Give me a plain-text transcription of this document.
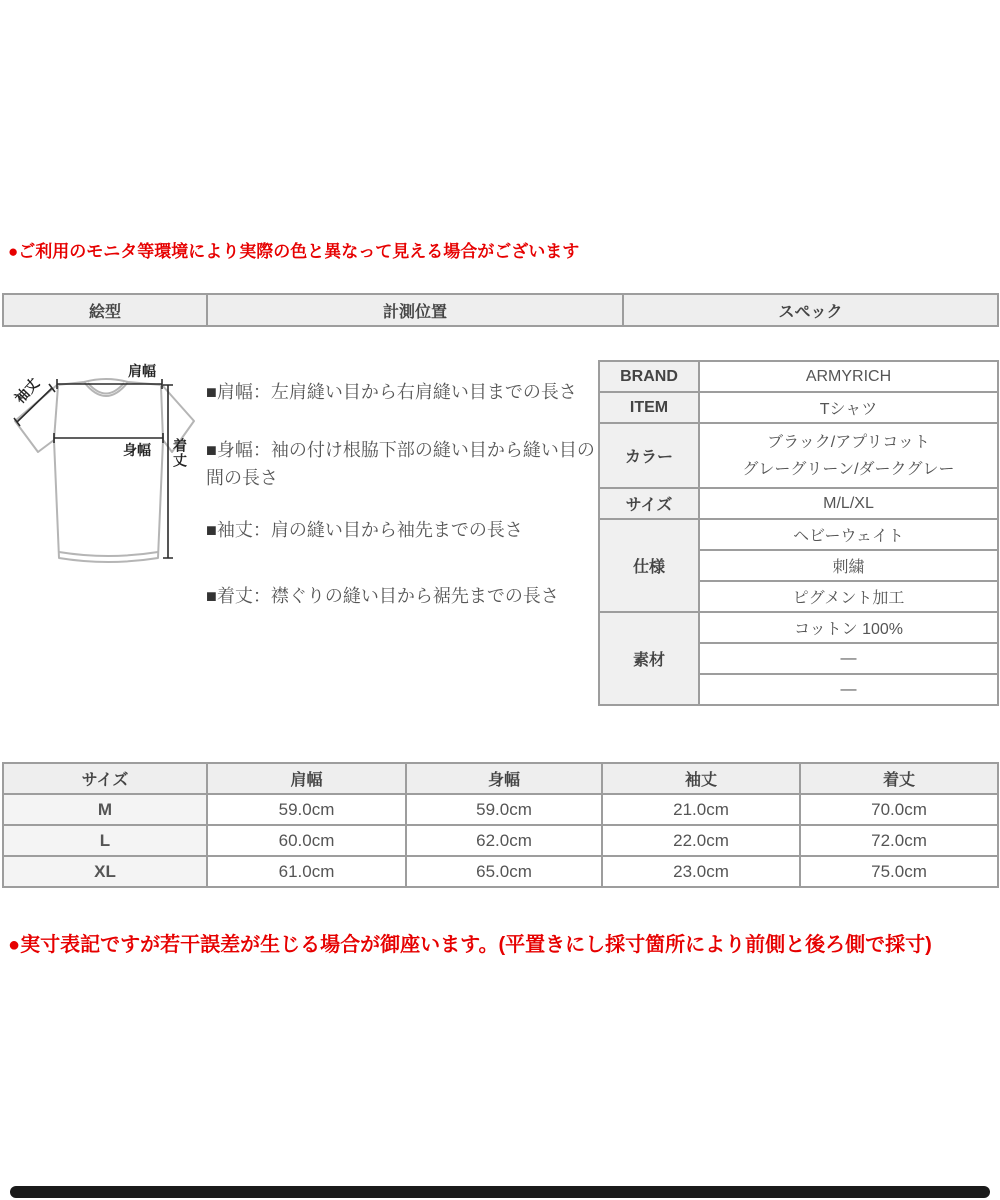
●ご利用のモニタ等環境により実際の色と異なって見える場合がございます
絵型	計測位置	スペック
肩幅
袖丈
身幅 着丈
■肩幅：左肩縫い目から右肩縫い目までの長さ
■身幅：袖の付け根脇下部の縫い目から縫い目の間の長さ
■袖丈：肩の縫い目から袖先までの長さ
■着丈：襟ぐりの縫い目から裾先までの長さ
BRAND	ARMYRICH
ITEM	Tシャツ
カラー	ブラック/アプリコット
グレーグリーン/ダークグレー

サイズ	M/L/XL
仕様	ヘビーウェイト
	刺繍
	ピグメント加工
素材	コットン 100%
	—
	—
サイズ	肩幅	身幅	袖丈	着丈
M	59.0cm	59.0cm	21.0cm	70.0cm
L	60.0cm	62.0cm	22.0cm	72.0cm
XL	61.0cm	65.0cm	23.0cm	75.0cm
●実寸表記ですが若干誤差が生じる場合が御座います。(平置きにし採寸箇所により前側と後ろ側で採寸)
